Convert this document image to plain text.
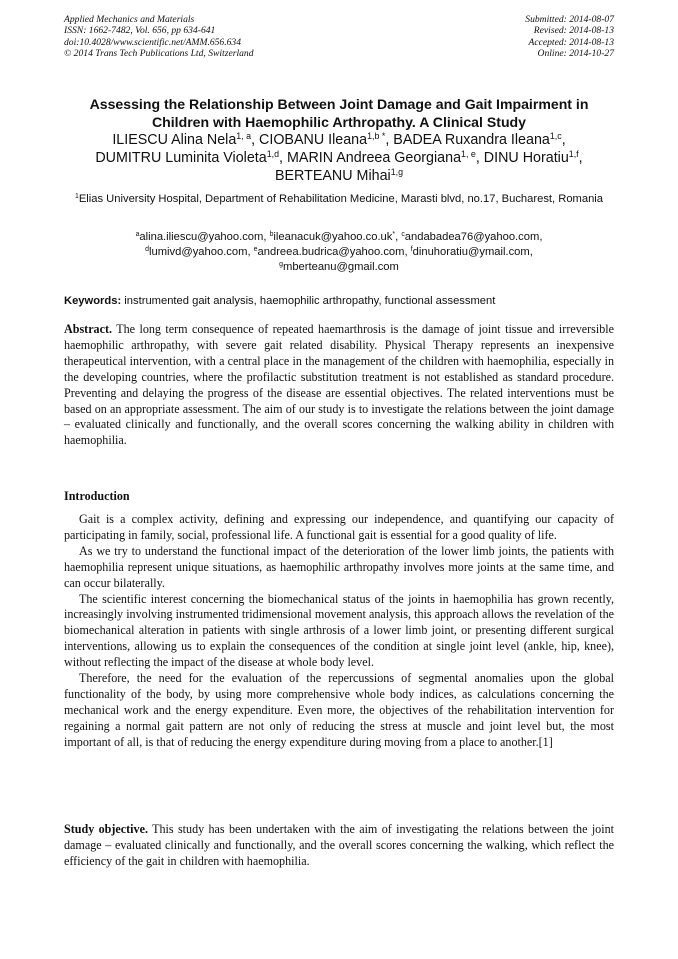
Applied Mechanics and Materials
ISSN: 1662-7482, Vol. 656, pp 634-641
doi:10.4028/www.scientific.net/AMM.656.634
© 2014 Trans Tech Publications Ltd, Switzerland
Submitted: 2014-08-07
Revised: 2014-08-13
Accepted: 2014-08-13
Online: 2014-10-27
Assessing the Relationship Between Joint Damage and Gait Impairment in Children with Haemophilic Arthropathy. A Clinical Study
ILIESCU Alina Nela$^{1, a}$, CIOBANU Ileana$^{1,b *}$, BADEA Ruxandra Ileana$^{1,c}$,
DUMITRU Luminita Violeta$^{1,d}$, MARIN Andreea Georgiana$^{1, e}$, DINU Horatiu$^{1,f}$,
BERTEANU Mihai$^{1,g}$
$^1$Elias University Hospital, Department of Rehabilitation Medicine, Marasti blvd, no.17, Bucharest, Romania
$^a$alina.iliescu@yahoo.com, $^b$ileanacuk@yahoo.co.uk*, $^c$andabadea76@yahoo.com,
$^d$lumivd@yahoo.com, $^e$andreea.budrica@yahoo.com, $^f$dinuhoratiu@ymail.com,
$^g$mberteanu@gmail.com
Keywords: instrumented gait analysis, haemophilic arthropathy, functional assessment
Abstract. The long term consequence of repeated haemarthrosis is the damage of joint tissue and irreversible haemophilic arthropathy, with severe gait related disability. Physical Therapy represents an inexpensive therapeutical intervention, with a central place in the management of the children with haemophilia, especially in the developing countries, where the profilactic substitution treatment is not established as standard procedure. Preventing and delaying the progress of the disease are essential objectives. The related interventions must be based on an appropriate assessment. The aim of our study is to investigate the relations between the joint damage – evaluated clinically and functionally, and the overall scores concerning the walking ability in children with haemophilia.
Introduction

Gait is a complex activity, defining and expressing our independence, and quantifying our capacity of participating in family, social, professional life. A functional gait is essential for a good quality of life.

As we try to understand the functional impact of the deterioration of the lower limb joints, the patients with haemophilia represent unique situations, as haemophilic arthropathy involves more joints at the same time, and can occur bilaterally.

The scientific interest concerning the biomechanical status of the joints in haemophilia has grown recently, increasingly involving instrumented tridimensional movement analysis, this approach allows the revelation of the biomechanical alteration in patients with single arthrosis of a lower limb joint, or presenting different surgical interventions, allowing us to explain the consequences of the condition at single joint level (ankle, hip, knee), without reflecting the impact of the disease at whole body level.

Therefore, the need for the evaluation of the repercussions of segmental anomalies upon the global functionality of the body, by using more comprehensive whole body indices, as calculations concerning the mechanical work and the energy expenditure. Even more, the objectives of the rehabilitation intervention for regaining a normal gait pattern are not only of reducing the stress at muscle and joint level but, the most important of all, is that of reducing the energy expenditure during moving from a place to another.[1]

Study objective. This study has been undertaken with the aim of investigating the relations between the joint damage – evaluated clinically and functionally, and the overall scores concerning the walking, which reflect the efficiency of the gait in children with haemophilia.
